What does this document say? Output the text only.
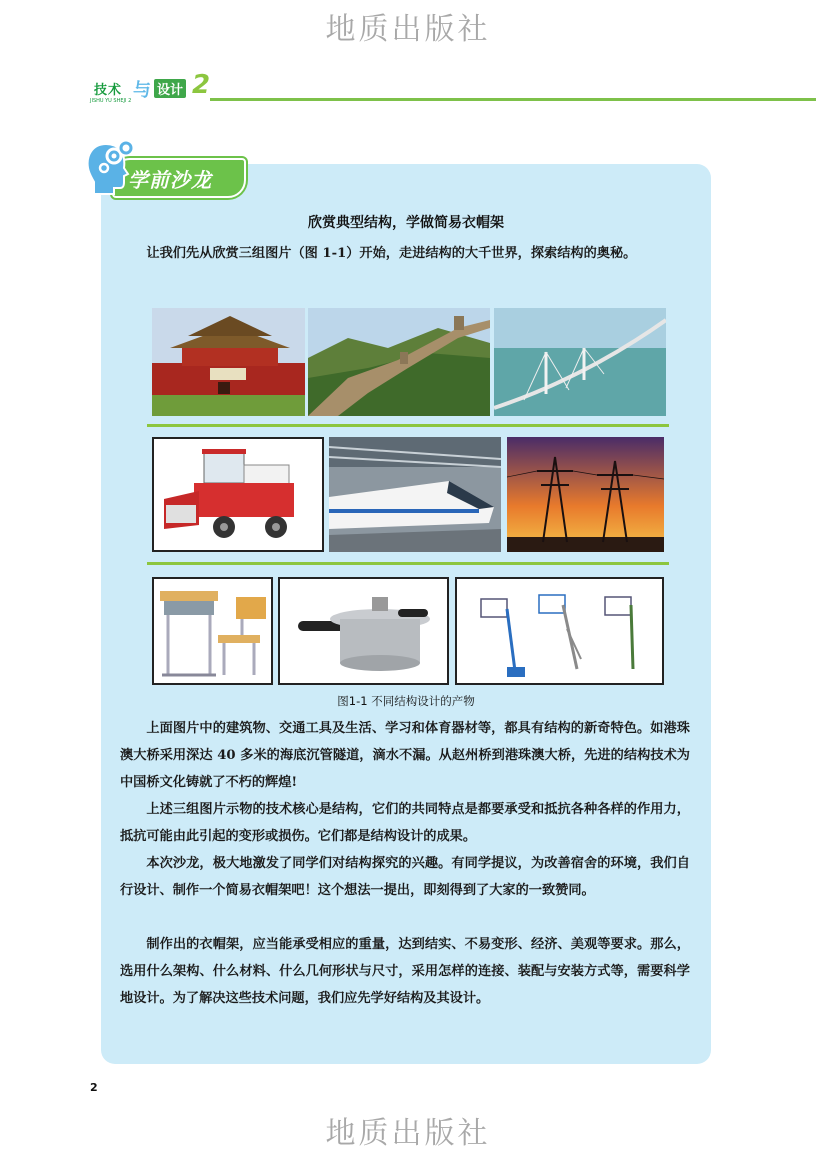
地质出版社
技术 与 设计 2
JISHU YU SHEJI 2
学前沙龙
欣赏典型结构，学做简易衣帽架

让我们先从欣赏三组图片（图 1-1）开始，走进结构的大千世界，探索结构的奥秘。

图1-1 不同结构设计的产物

上面图片中的建筑物、交通工具及生活、学习和体育器材等，都具有结构的新奇特色。如港珠澳大桥采用深达 40 多米的海底沉管隧道，滴水不漏。从赵州桥到港珠澳大桥，先进的结构技术为中国桥文化铸就了不朽的辉煌!

上述三组图片示物的技术核心是结构，它们的共同特点是都要承受和抵抗各种各样的作用力，抵抗可能由此引起的变形或损伤。它们都是结构设计的成果。

本次沙龙，极大地激发了同学们对结构探究的兴趣。有同学提议，为改善宿舍的环境，我们自行设计、制作一个简易衣帽架吧！这个想法一提出，即刻得到了大家的一致赞同。

制作出的衣帽架，应当能承受相应的重量，达到结实、不易变形、经济、美观等要求。那么，选用什么架构、什么材料、什么几何形状与尺寸，采用怎样的连接、装配与安装方式等，需要科学地设计。为了解决这些技术问题，我们应先学好结构及其设计。

2
地质出版社
